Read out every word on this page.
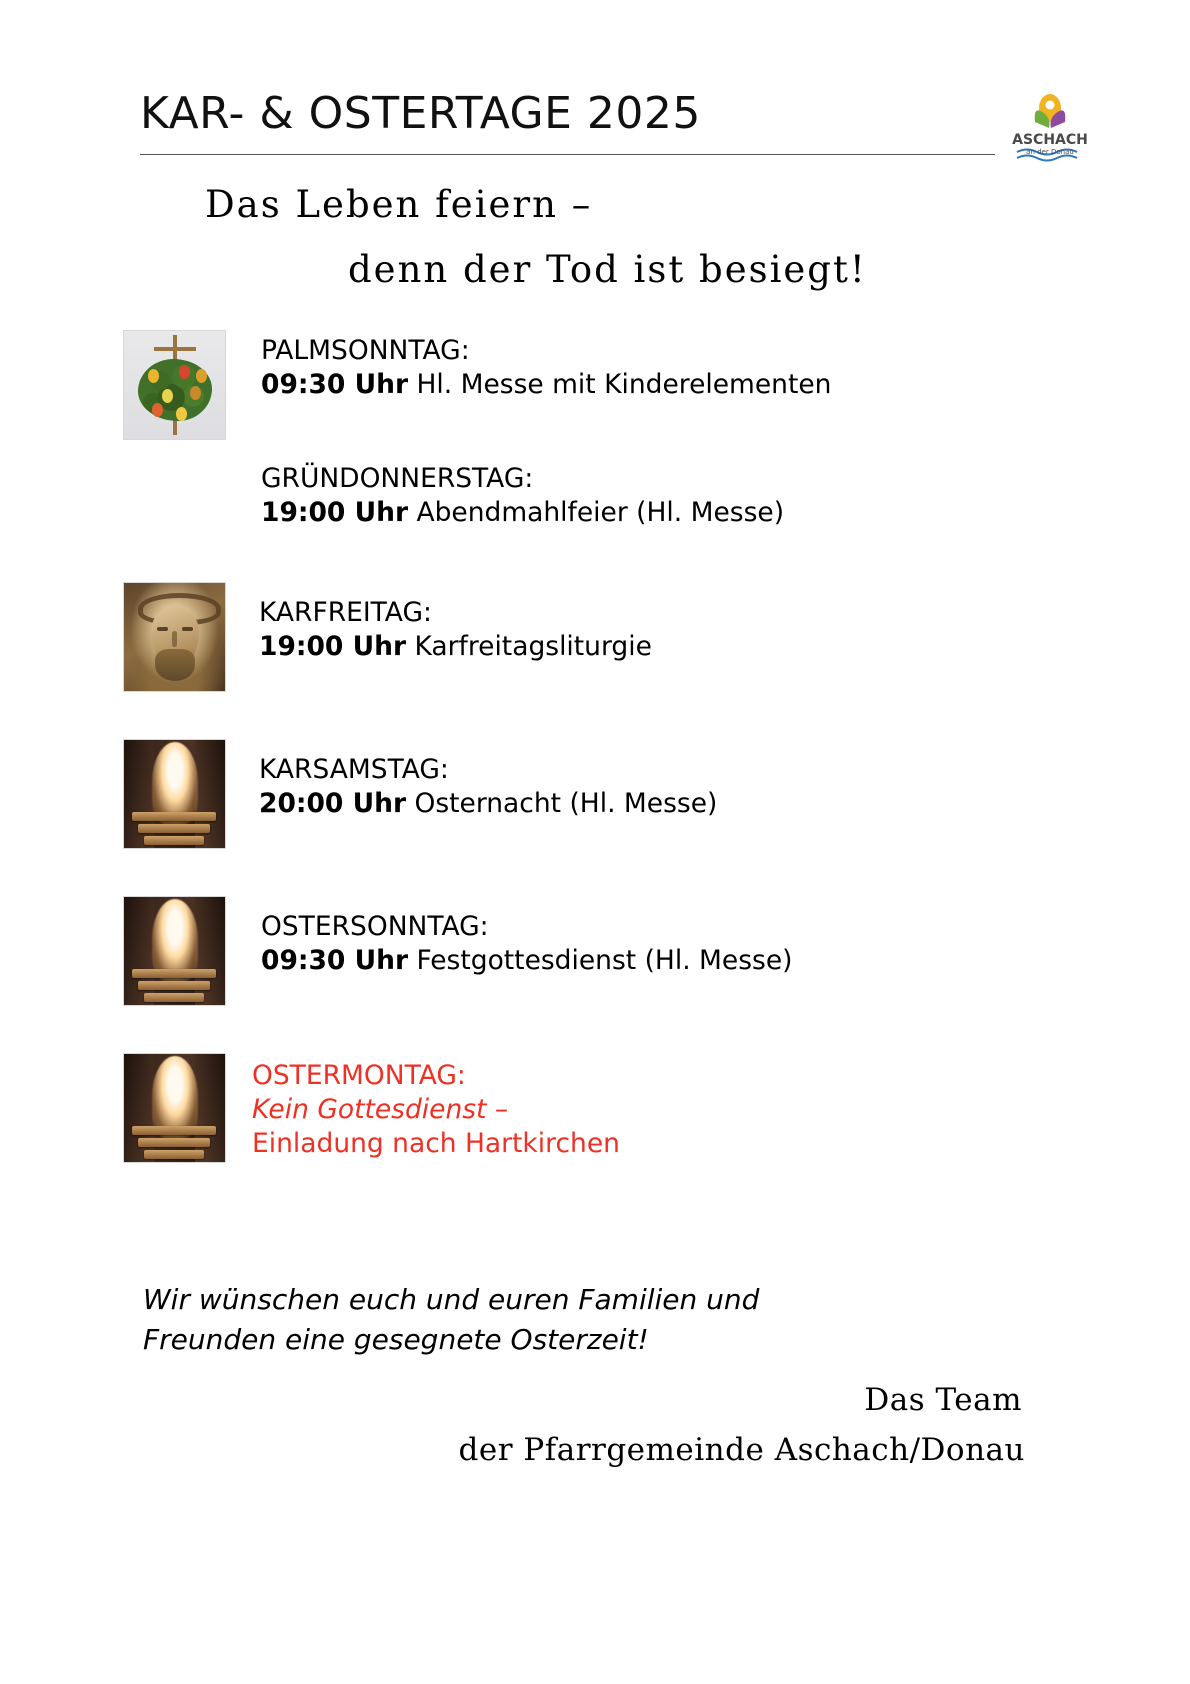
KAR- & OSTERTAGE 2025
ASCHACH
an der Donau
Das Leben feiern –
denn der Tod ist besiegt!
PALMSONNTAG:
09:30 Uhr Hl. Messe mit Kinderelementen
GRÜNDONNERSTAG:
19:00 Uhr Abendmahlfeier (Hl. Messe)
KARFREITAG:
19:00 Uhr Karfreitagsliturgie
KARSAMSTAG:
20:00 Uhr Osternacht (Hl. Messe)
OSTERSONNTAG:
09:30 Uhr Festgottesdienst (Hl. Messe)
OSTERMONTAG:
Kein Gottesdienst –
Einladung nach Hartkirchen
Wir wünschen euch und euren Familien und
Freunden eine gesegnete Osterzeit!
Das Team
der Pfarrgemeinde Aschach/Donau
